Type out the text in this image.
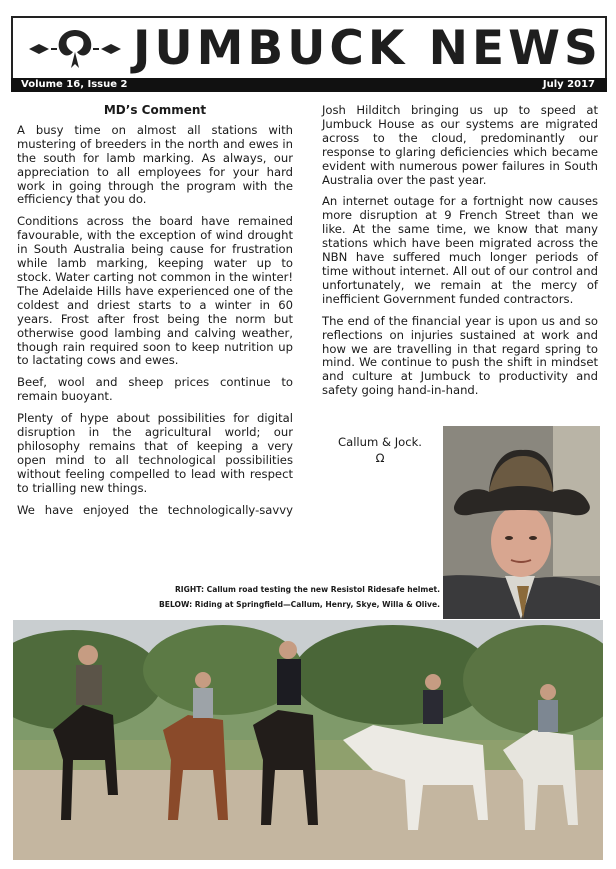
JUMBUCK NEWS
Volume 16, Issue 2	July 2017
MD’s Comment

A busy time on almost all stations with mustering of breeders in the north and ewes in the south for lamb marking. As always, our appreciation to all employees for your hard work in going through the program with the efficiency that you do.

Conditions across the board have remained favourable, with the exception of wind drought in South Australia being cause for frustration while lamb marking, keeping water up to stock. Water carting not common in the winter! The Adelaide Hills have experienced one of the coldest and driest starts to a winter in 60 years. Frost after frost being the norm but otherwise good lambing and calving weather, though rain required soon to keep nutrition up to lactating cows and ewes.

Beef, wool and sheep prices continue to remain buoyant.

Plenty of hype about possibilities for digital disruption in the agricultural world; our philosophy remains that of keeping a very open mind to all technological possibilities without feeling compelled to lead with respect to trialling new things.

We have enjoyed the technologically-savvy

Josh Hilditch bringing us up to speed at Jumbuck House as our systems are migrated across to the cloud, predominantly our response to glaring deficiencies which became evident with numerous power failures in South Australia over the past year.

An internet outage for a fortnight now causes more disruption at 9 French Street than we like. At the same time, we know that many stations which have been migrated across the NBN have suffered much longer periods of time without internet. All out of our control and unfortunately, we remain at the mercy of inefficient Government funded contractors.

The end of the financial year is upon us and so reflections on injuries sustained at work and how we are travelling in that regard spring to mind. We continue to push the shift in mindset and culture at Jumbuck to productivity and safety going hand-in-hand.

Callum & Jock.
Ω
RIGHT: Callum road testing the new Resistol Ridesafe helmet.
BELOW: Riding at Springfield—Callum, Henry, Skye, Willa & Olive.
